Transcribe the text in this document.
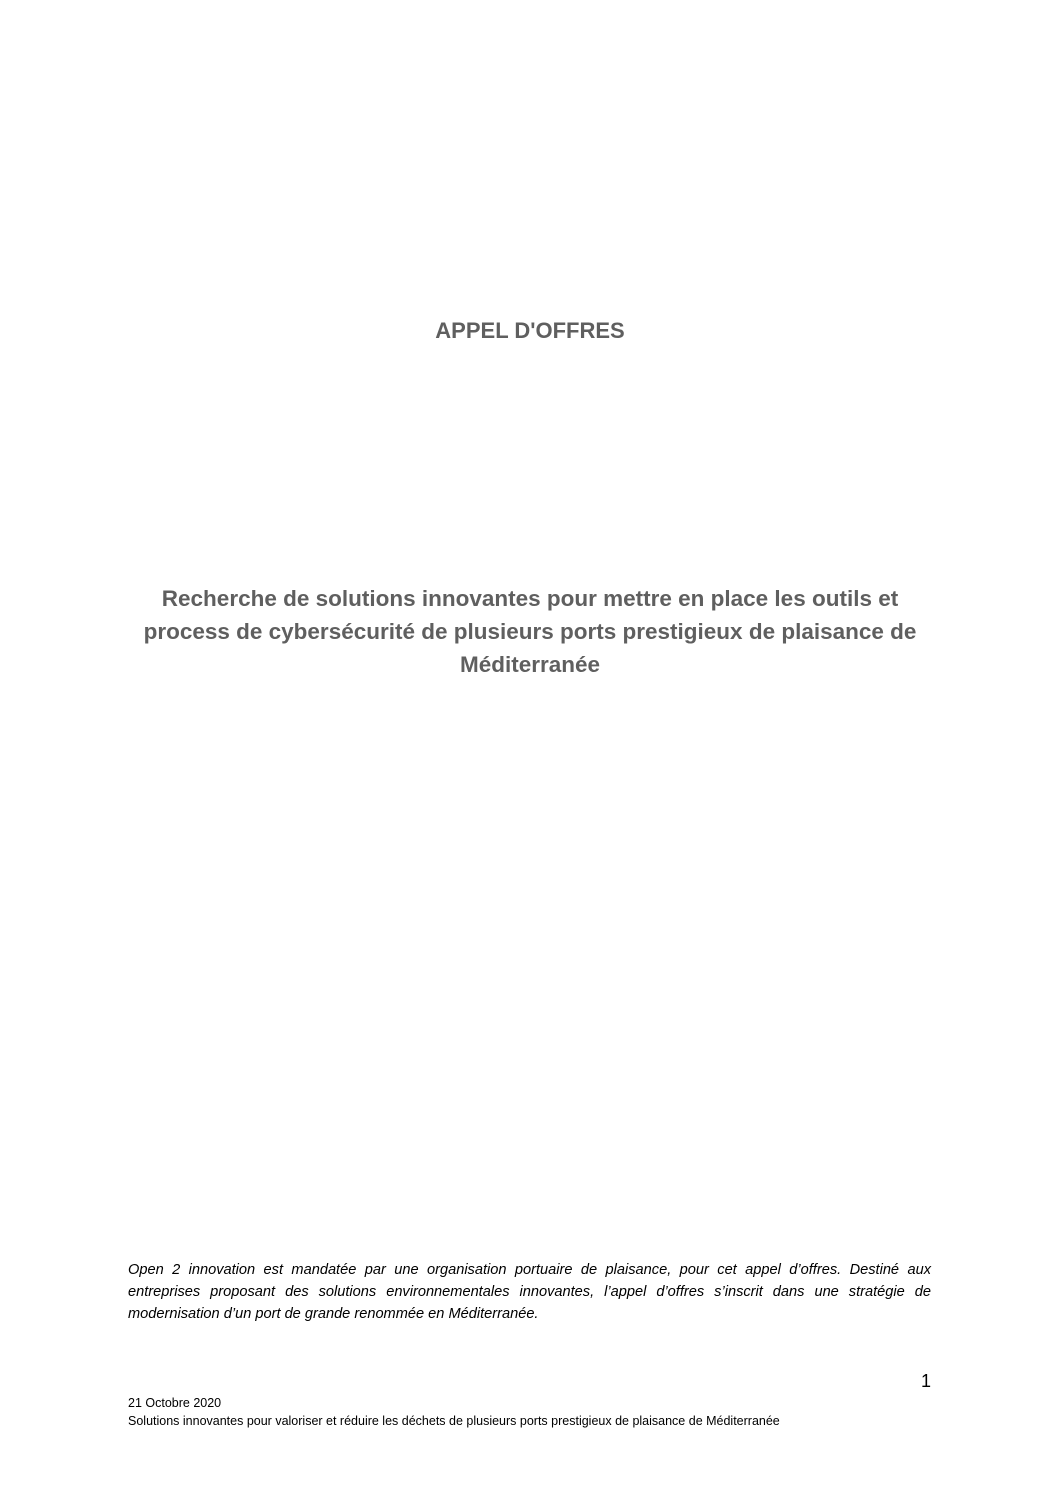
APPEL D'OFFRES
Recherche de solutions innovantes pour mettre en place les outils et process de cybersécurité de plusieurs ports prestigieux de plaisance de Méditerranée

Open 2 innovation est mandatée par une organisation portuaire de plaisance, pour cet appel d’offres. Destiné aux entreprises proposant des solutions environnementales innovantes, l’appel d’offres s’inscrit dans une stratégie de modernisation d’un port de grande renommée en Méditerranée.

1
21 Octobre 2020
Solutions innovantes pour valoriser et réduire les déchets de plusieurs ports prestigieux de plaisance de Méditerranée
